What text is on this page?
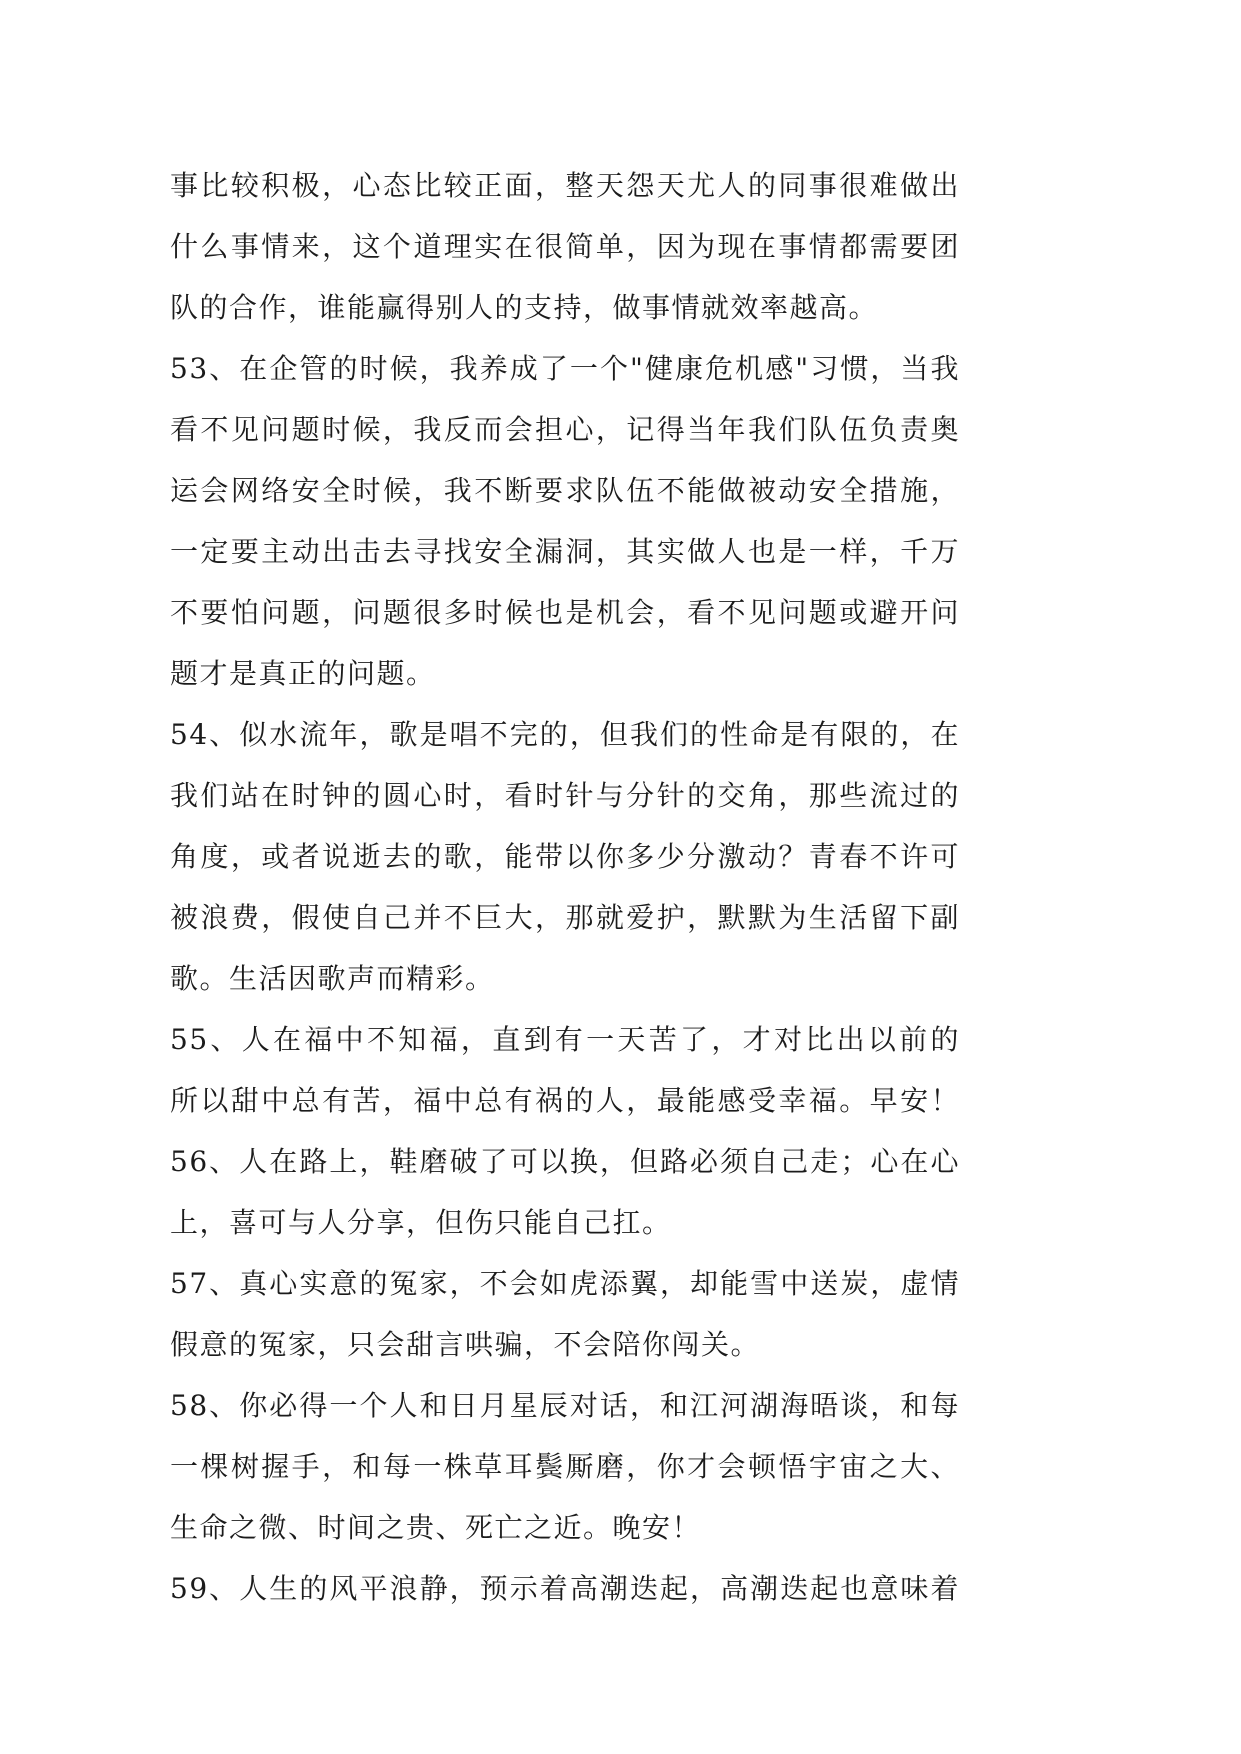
事比较积极，心态比较正面，整天怨天尤人的同事很难做出
什么事情来，这个道理实在很简单，因为现在事情都需要团
队的合作，谁能赢得别人的支持，做事情就效率越高。
53、在企管的时候，我养成了一个"健康危机感"习惯，当我
看不见问题时候，我反而会担心，记得当年我们队伍负责奥
运会网络安全时候，我不断要求队伍不能做被动安全措施，
一定要主动出击去寻找安全漏洞，其实做人也是一样，千万
不要怕问题，问题很多时候也是机会，看不见问题或避开问
题才是真正的问题。
54、似水流年，歌是唱不完的，但我们的性命是有限的，在
我们站在时钟的圆心时，看时针与分针的交角，那些流过的
角度，或者说逝去的歌，能带以你多少分激动？青春不许可
被浪费，假使自己并不巨大，那就爱护，默默为生活留下副
歌。生活因歌声而精彩。
55、人在福中不知福，直到有一天苦了，才对比出以前的
所以甜中总有苦，福中总有祸的人，最能感受幸福。早安！
56、人在路上，鞋磨破了可以换，但路必须自己走；心在心
上，喜可与人分享，但伤只能自己扛。
57、真心实意的冤家，不会如虎添翼，却能雪中送炭，虚情
假意的冤家，只会甜言哄骗，不会陪你闯关。
58、你必得一个人和日月星辰对话，和江河湖海晤谈，和每
一棵树握手，和每一株草耳鬓厮磨，你才会顿悟宇宙之大、
生命之微、时间之贵、死亡之近。晚安！
59、人生的风平浪静，预示着高潮迭起，高潮迭起也意味着
